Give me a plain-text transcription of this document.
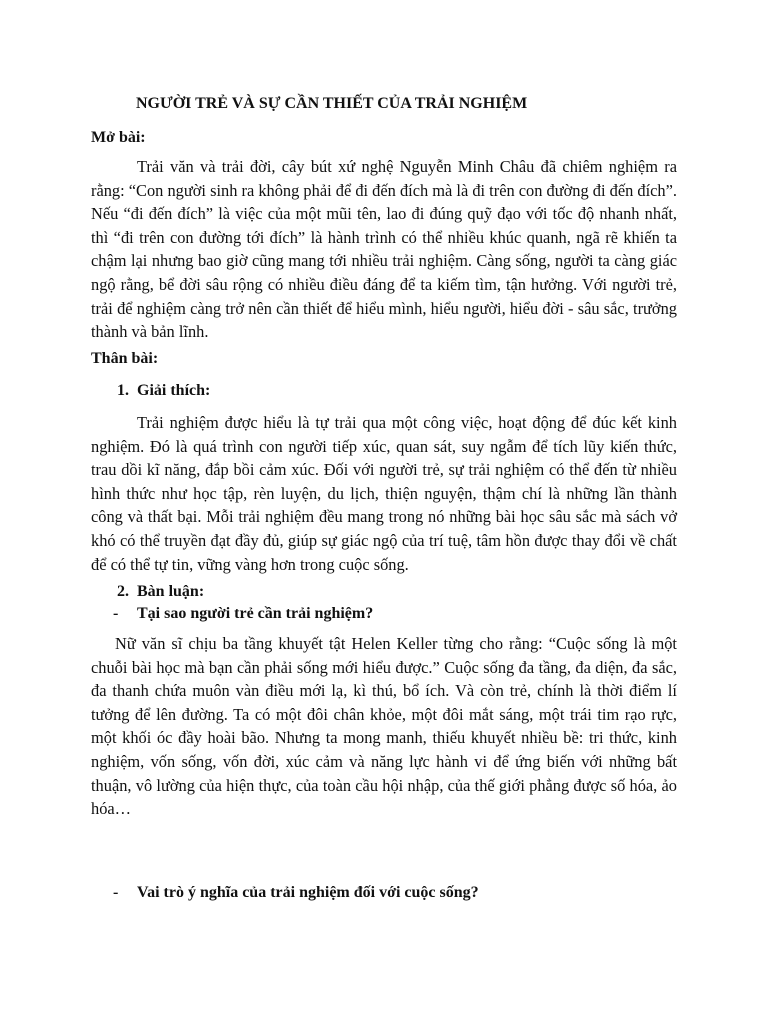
NGƯỜI TRẺ VÀ SỰ CẦN THIẾT CỦA TRẢI NGHIỆM
Mở bài:

Trải văn và trải đời, cây bút xứ nghệ Nguyễn Minh Châu đã chiêm nghiệm ra rằng: “Con người sinh ra không phải để đi đến đích mà là đi trên con đường đi đến đích”. Nếu “đi đến đích” là việc của một mũi tên, lao đi đúng quỹ đạo với tốc độ nhanh nhất, thì “đi trên con đường tới đích” là hành trình có thể nhiều khúc quanh, ngã rẽ khiến ta chậm lại nhưng bao giờ cũng mang tới nhiều trải nghiệm. Càng sống, người ta càng giác ngộ rằng, bể đời sâu rộng có nhiều điều đáng để ta kiếm tìm, tận hưởng. Với người trẻ, trải để nghiệm càng trở nên cần thiết để hiểu mình, hiểu người, hiểu đời - sâu sắc, trưởng thành và bản lĩnh.

Thân bài:
1. Giải thích:

Trải nghiệm được hiểu là tự trải qua một công việc, hoạt động để đúc kết kinh nghiệm. Đó là quá trình con người tiếp xúc, quan sát, suy ngẫm để tích lũy kiến thức, trau dồi kĩ năng, đắp bồi cảm xúc. Đối với người trẻ, sự trải nghiệm có thể đến từ nhiều hình thức như học tập, rèn luyện, du lịch, thiện nguyện, thậm chí là những lần thành công và thất bại. Mỗi trải nghiệm đều mang trong nó những bài học sâu sắc mà sách vở khó có thể truyền đạt đầy đủ, giúp sự giác ngộ của trí tuệ, tâm hồn được thay đổi về chất để có thể tự tin, vững vàng hơn trong cuộc sống.

2. Bàn luận:
- Tại sao người trẻ cần trải nghiệm?

Nữ văn sĩ chịu ba tầng khuyết tật Helen Keller từng cho rằng: “Cuộc sống là một chuỗi bài học mà bạn cần phải sống mới hiểu được.” Cuộc sống đa tầng, đa diện, đa sắc, đa thanh chứa muôn vàn điều mới lạ, kì thú, bổ ích. Và còn trẻ, chính là thời điểm lí tưởng để lên đường. Ta có một đôi chân khỏe, một đôi mắt sáng, một trái tim rạo rực, một khối óc đầy hoài bão. Nhưng ta mong manh, thiếu khuyết nhiều bề: tri thức, kinh nghiệm, vốn sống, vốn đời, xúc cảm và năng lực hành vi để ứng biến với những bất thuận, vô lường của hiện thực, của toàn cầu hội nhập, của thế giới phẳng được số hóa, ảo hóa…

- Vai trò ý nghĩa của trải nghiệm đối với cuộc sống?
